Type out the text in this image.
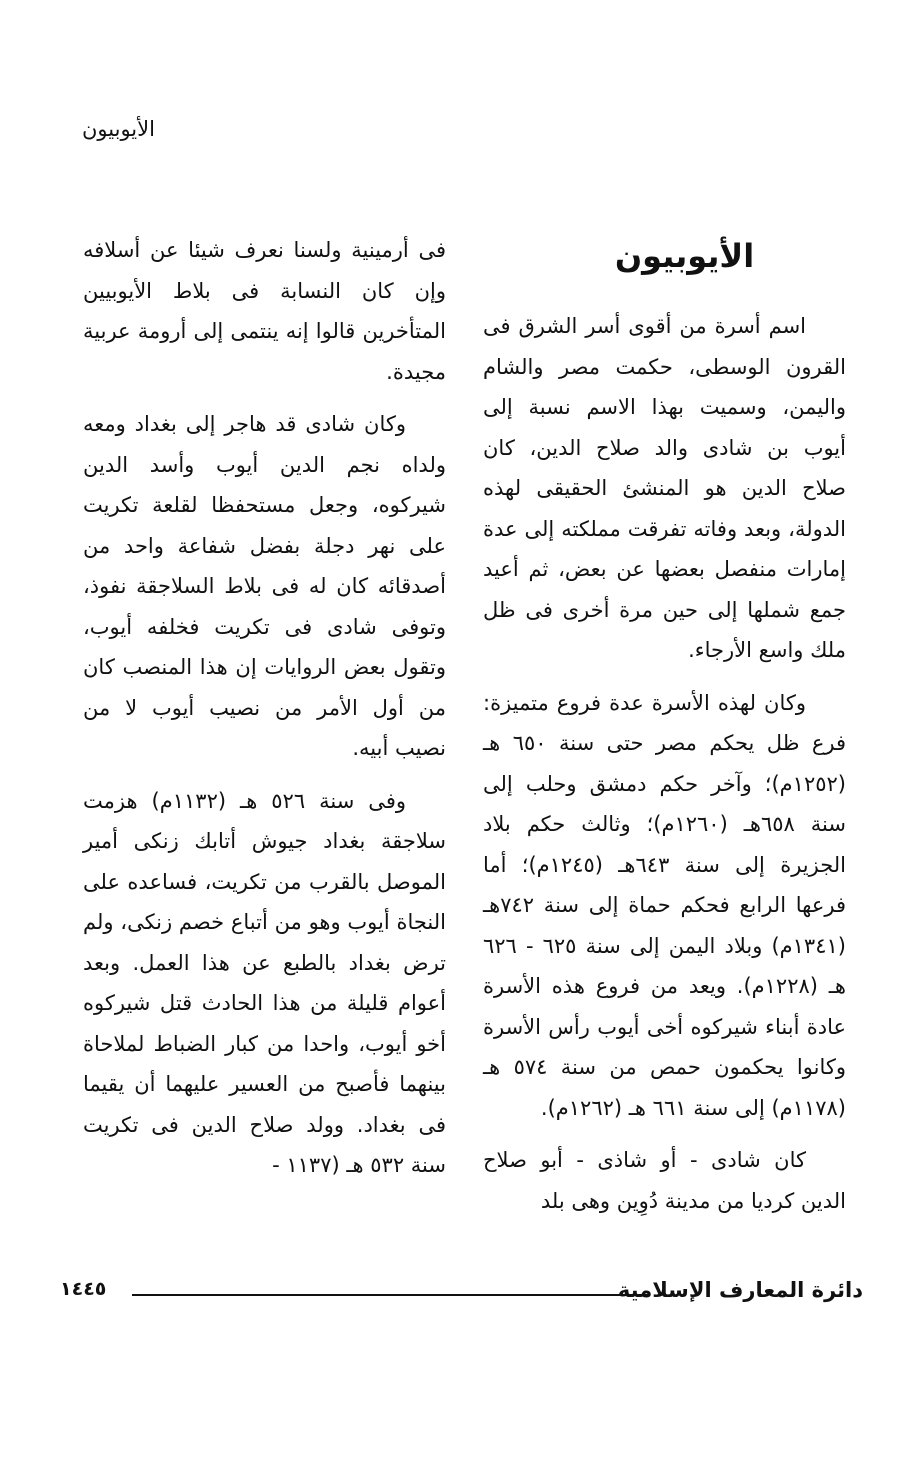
الأيوبيون
الأيوبيون

اسم أسرة من أقوى أسر الشرق فى القرون الوسطى، حكمت مصر والشام واليمن، وسميت بهذا الاسم نسبة إلى أيوب بن شادى والد صلاح الدين، كان صلاح الدين هو المنشئ الحقيقى لهذه الدولة، وبعد وفاته تفرقت مملكته إلى عدة إمارات منفصل بعضها عن بعض، ثم أعيد جمع شملها إلى حين مرة أخرى فى ظل ملك واسع الأرجاء.

وكان لهذه الأسرة عدة فروع متميزة: فرع ظل يحكم مصر حتى سنة ٦٥٠ هـ (١٢٥٢م)؛ وآخر حكم دمشق وحلب إلى سنة ٦٥٨هـ (١٢٦٠م)؛ وثالث حكم بلاد الجزيرة إلى سنة ٦٤٣هـ (١٢٤٥م)؛ أما فرعها الرابع فحكم حماة إلى سنة ٧٤٢هـ (١٣٤١م) وبلاد اليمن إلى سنة ٦٢٥ - ٦٢٦ هـ (١٢٢٨م). ويعد من فروع هذه الأسرة عادة أبناء شيركوه أخى أيوب رأس الأسرة وكانوا يحكمون حمص من سنة ٥٧٤ هـ (١١٧٨م) إلى سنة ٦٦١ هـ (١٢٦٢م).

كان شادى - أو شاذى - أبو صلاح الدين كرديا من مدينة دُوِين وهى بلد

فى أرمينية ولسنا نعرف شيئا عن أسلافه وإن كان النسابة فى بلاط الأيوبيين المتأخرين قالوا إنه ينتمى إلى أرومة عربية مجيدة.

وكان شادى قد هاجر إلى بغداد ومعه ولداه نجم الدين أيوب وأسد الدين شيركوه، وجعل مستحفظا لقلعة تكريت على نهر دجلة بفضل شفاعة واحد من أصدقائه كان له فى بلاط السلاجقة نفوذ، وتوفى شادى فى تكريت فخلفه أيوب، وتقول بعض الروايات إن هذا المنصب كان من أول الأمر من نصيب أيوب لا من نصيب أبيه.

وفى سنة ٥٢٦ هـ (١١٣٢م) هزمت سلاجقة بغداد جيوش أتابك زنكى أمير الموصل بالقرب من تكريت، فساعده على النجاة أيوب وهو من أتباع خصم زنكى، ولم ترض بغداد بالطبع عن هذا العمل. وبعد أعوام قليلة من هذا الحادث قتل شيركوه أخو أيوب، واحدا من كبار الضباط لملاحاة بينهما فأصبح من العسير عليهما أن يقيما فى بغداد. وولد صلاح الدين فى تكريت سنة ٥٣٢ هـ (١١٣٧ -

دائرة المعارف الإسلامية
١٤٤٥
